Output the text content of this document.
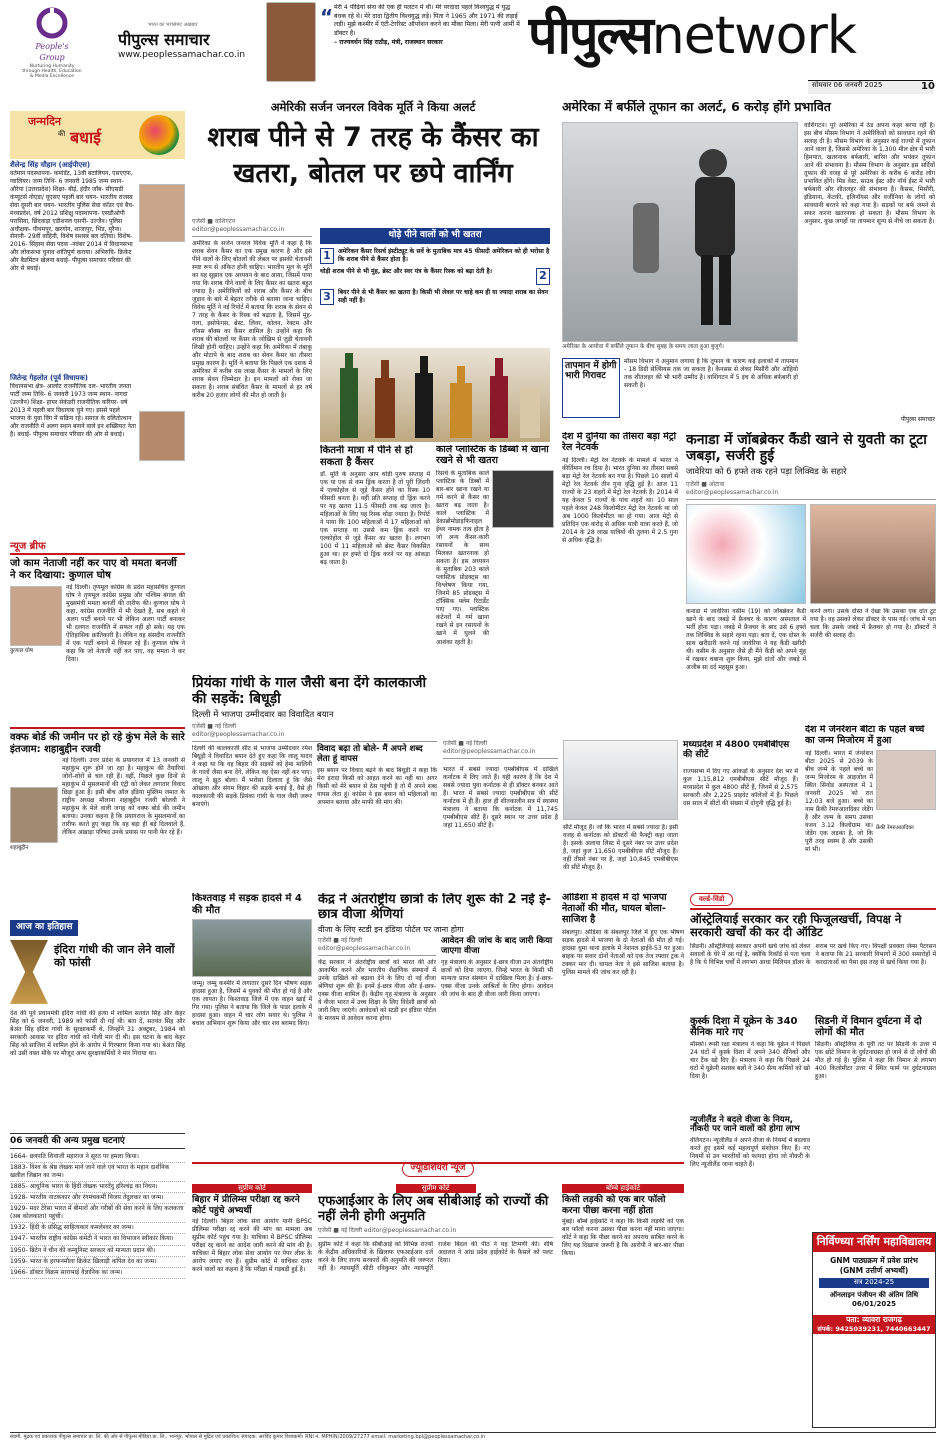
People's Group
Nurturing Humanity through Health, Education & Media Excellence
भारत का भरोसेमंद अख़बार
पीपुल्स समाचार
www.peoplessamachar.co.in
“ मेरी 4 पीढ़ियां सेना की एक ही पलटन में थीं। मेरे परदादा पहले विश्वयुद्ध में युद्ध बंधक रहे थे। मेरे दादा द्वितीय विश्वयुद्ध लड़े। पिता ने 1965 और 1971 की लड़ाई लड़ी। मुझे कश्मीर में एंटी-टेररिस्ट ऑपरेशन करने का मौका मिला। मेरी पत्नी आर्मी में डॉक्टर है।
– राज्यवर्धन सिंह राठौड़, मंत्री, राजस्थान सरकार	पीपुल्सnetwork
सोमवार 06 जनवरी 2025	10
जन्मदिन
की बधाई
शैलेन्द्र सिंह चौहान (आईपीएस)
वर्तमान पदस्थापना- कमांडेंट, 13वीं बटालियन, एसएएफ, ग्वालियर। जन्म तिथि- 6 जनवरी 1985 जन्म स्थान- औरेया (उत्तरप्रदेश) शिक्षा- बीई, इंदौर जॉब- सीएसडी कंप्यूटर्स नोएडा/ यूएसए पहली बार चयन- भारतीय राजस्व सेवा दूसरी बार चयन- भारतीय पुलिस सेवा कॉडर एवं बैच-मध्यप्रदेश, वर्ष 2012 प्रशिक्षु पदस्थापना- एसडीओपी परासिया, छिंदवाड़ा एडीशनल एसपी- उज्जैन। पुलिस अधीक्षक- पीथमपुर, खरगोन, शाजापुर, भिंड, मुरैना। सेनानी- 29वीं वाहिनी, विशेष सशस्त्र बल दतिया। विशेष- 2016- सिंहस्थ सेवा पदक -नवंबर 2014 में विधानसभा और लोकसभा चुनाव शांतिपूर्ण कराया। अभिरुचि- क्रिकेट और बैडमिंटन खेलना बधाई- पीपुल्स समाचार परिवार की ओर से बधाई।
जितेन्द्र गेहलोत (पूर्व विधायक)
विधानसभा क्षेत्र- आलोट राजनीतिक दल- भारतीय जनता पार्टी जन्म तिथि- 6 जनवरी 1973 जन्म स्थान- नागदा (उज्जैन) शिक्षा- हायर सेकंडरी राजनीतिक करियर- वर्ष 2013 में पहली बार विधायक चुने गए। इससे पहले भाजपा के युवा विंग में सक्रिय रहे। समाज के दलितोत्थान और राजनीति में अलग स्थान बनाने वाले इन शख्सियत नेता है। बधाई- पीपुल्स समाचार परिवार की ओर से बधाई।
न्यूज ब्रीफ
जो काम नेताजी नहीं कर पाए वो ममता बनर्जी ने कर दिखाया: कुणाल घोष
कुणाल घोष
नई दिल्ली। तृणमूल कांग्रेस के प्रदेश महासचिव कुणाल घोष ने तृणमूल कांग्रेस प्रमुख और पश्चिम बंगाल की मुख्यमंत्री ममता बनर्जी की तारीफ की। कुणाल घोष ने कहा, कांग्रेस राजनीति में भी देखते हैं, सब कहते थे अलग पार्टी बनाने पर भी लेकिन अलग पार्टी बनाकर भी दलगत राजनीति में सफल नहीं हो सके। यह एक ऐतिहासिक क्रांतिकारी है। लेकिन वह संसदीय राजनीति में एक पार्टी बनाने में विफल रहे हैं। कुणाल घोष ने कहा कि जो नेताजी नहीं कर पाए, वह ममता ने कर दिया।
वक्फ बोर्ड की जमीन पर हो रहे कुंभ मेले के सारे इंतजाम: शहाबुद्दीन रजवी
शहाबुद्दीन
नई दिल्ली। उत्तर प्रदेश के प्रयागराज में 13 जनवरी से महाकुंभ शुरू होने जा रहा है। महाकुंभ की तैयारियां जोरों-शोरों से चल रही हैं। वहीं, पिछले कुछ दिनों से महाकुंभ में मुसलमानों की एंट्री को लेकर लगातार विवाद छिड़ा हुआ है। इसी बीच ऑल इंडिया मुस्लिम जमात के राष्ट्रीय अध्यक्ष मौलाना शहाबुद्दीन रजवी बरेलवी ने महाकुंभ के मेले वाली जगह को वक्फ बोर्ड की जमीन बताया। उनका कहना है कि प्रयागराज के मुसलमानों का तारीफ करते हुए कहा कि यह बड़ा ही बड़े दिलवाले हैं, लेकिन अखाड़ा परिषद उनके प्रयास पर पानी फेर रहे हैं।
आज का इतिहास
इंदिरा गांधी की जान लेने वालों को फांसी
देश की पूर्व प्रधानमंत्री इंदिरा गांधी की हत्या में शामिल सतवंत सिंह और केहर सिंह को 6 जनवरी, 1989 को फांसी दी गई थी। बता दें, सतवंत सिंह और बेअंत सिंह इंदिरा गांधी के सुरक्षाकर्मी थे, जिन्होंने 31 अक्टूबर, 1984 को सरकारी आवास पर इंदिरा गांधी को गोली मार दी थी। इस घटना के बाद केहर सिंह को साजिश में शामिल होने के आरोप में गिरफ्तार किया गया था। बेअंत सिंह को उसी वक्त मौके पर मौजूद अन्य सुरक्षाकर्मियों ने मार गिराया था।
06 जनवरी की अन्य प्रमुख घटनाएं
1664- छत्रपति शिवाजी महाराज ने सूरत पर हमला किया।
1883- विश्व के श्रेष्ठ लेखक माने जाने वाले एवं भारत के महान दार्शनिक खलील जिब्रान का जन्म।
1885- आधुनिक भारत के हिंदी लेखक भारतेंदु हरिश्चंद्र का निधन।
1928- भारतीय नाटककार और रंगमंचकर्मी विजय तेंदुलकर का जन्म।
1929- मदर टेरेसा भारत में बीमारों और गरीबों की सेवा करने के लिए कलकत्ता (अब कोलकाता) पहुंचीं।
1932- हिंदी के प्रसिद्ध साहित्यकार कमलेश्वर का जन्म।
1947- भारतीय राष्ट्रीय कांग्रेस कमेटी ने भारत का विभाजन स्वीकार किया।
1950- ब्रिटेन ने चीन की कम्युनिस्ट सरकार को मान्यता प्रदान की।
1959- भारत के हरफनमौला क्रिकेट खिलाड़ी कपिल देव का जन्म।
1966- डॉक्टर विक्रम साराभाई वैज्ञानिक का जन्म।
अमेरिकी सर्जन जनरल विवेक मूर्ति ने किया अलर्ट
शराब पीने से 7 तरह के कैंसर का खतरा, बोतल पर छपे वार्निंग
एजेंसी ■ वाशिंगटन
editor@peoplessamachar.co.in
अमेरिका के सर्जन जनरल विवेक मूर्ति ने कहा है कि शराब सेवन कैंसर का एक प्रमुख कारण है और इसे पीने वालों के लिए बोतलों की लेबल पर इसकी चेतावनी स्पष्ट रूप से अंकित होनी चाहिए। भारतीय मूल के मूर्ति का यह सुझाव एक अध्ययन के बाद आया, जिसमें पाया गया कि शराब पीने वालों के लिए कैंसर का खतरा बहुत ज्यादा है। अमेरिकियों को शराब और कैंसर के बीच जुड़ाव के बारे में बेहतर तरीके से बताया जाना चाहिए। विवेक मूर्ति ने नई रिपोर्ट में बताया कि शराब के सेवन से 7 तरह के कैंसर के रिस्क को बढ़ाता है, जिसमें मुंह-गला, इसोफेगस, ब्रेस्ट, लिवर, कोलन, रेक्टम और वॉयस बॉक्स का कैंसर शामिल है। उन्होंने कहा कि शराब की बोतलों पर कैंसर के जोखिम से जुड़ी चेतावनी लिखी होनी चाहिए। उन्होंने कहा कि अमेरिका में तंबाकू और मोटापे के बाद शराब का सेवन कैंसर का तीसरा प्रमुख कारण है। मूर्ति ने बताया कि पिछले एक दशक में अमेरिका में करीब दस लाख कैंसर के मामलों के लिए शराब सेवन जिम्मेदार है। इन मामलों को रोका जा सकता है। शराब संबंधित कैंसर के मामलों से हर वर्ष करीब 20 हजार लोगों की मौत हो जाती है।
थोड़े पीने वालों को भी खतरा
1	अमेरिकन कैंसर रिसर्च इंस्टीट्यूट के सर्वे के मुताबिक मात्र 45 फीसदी अमेरिकन को ही भरोसा है कि शराब पीने से कैंसर होता है।
थोड़ी शराब पीने से भी मुंह, ब्रेस्ट और स्वर यंत्र के कैंसर रिस्क को बढ़ा देती है।	2
3	बियर पीने से भी कैंसर का खतरा है। किसी भी लेवल पर चाहे कम ही या ज्यादा शराब का सेवन सही नहीं है।
कितनी मात्रा में पीने से हो सकता है कैंसर
डॉ. मूर्ति के अनुसार आप थोड़ी पुरुष सप्ताह में एक या एक से कम ड्रिंक करता है तो पूरी ज़िंदगी में एल्कोहोल से जुड़े कैंसर होने का रिस्क 10 फीसदी बनता है। वहीं प्रति सप्ताह दो ड्रिंक करने पर यह खतरा 11.5 फीसदी तक बढ़ जाता है। महिलाओं के लिए यह रिस्क थोड़ा ज्यादा है। रिपोर्ट ने पाया कि 100 महिलाओं में 17 महिलाओं को एक सप्ताह या उससे कम ड्रिंक करने पर एल्कोहोल से जुड़े कैंसर का खतरा है। लगभग 100 में 11 महिलाओं को ब्रेस्ट कैंसर विकसित हुआ था। हर हफ्ते दो ड्रिंक करने पर यह आंकड़ा बढ़ जाता है।
काले प्लास्टिक के डिब्बों में खाना रखने से भी खतरा
रिसर्च के मुताबिक काले प्लास्टिक के डिब्बों में बार-बार खाना रखने या गर्म करने से कैंसर का खतरा बढ़ जाता है। काले प्लास्टिक में डेकाब्रोमोडाइफिनाइल ईथर नामक तत्व होता है जो अन्य कैंसर-कारी रसायनों के साथ मिलकर खतरनाक हो सकता है। इस अध्ययन के मुताबिक 203 काले प्लास्टिक प्रोडक्ट्स का विश्लेषण किया गया, जिनमें 85 प्रोडक्ट्स में टॉक्सिक फ्लेम रिटार्डेंट पाए गए। प्लास्टिक कंटेनरों में गर्म खाना रखने से इन रसायनों के खाने में घुलने की आशंका रहती है।
अमेरिका में बर्फीले तूफान का अलर्ट, 6 करोड़ होंगे प्रभावित
अमेरिका के आयोवा में बर्फीले तूफान के बीच सुबह के समय जाता हुआ बुजुर्ग।
वाशिंगटन। पूरे अमेरिका में ठंड अपना कहर बरपा रही है। इस बीच मौसम विभाग ने अमेरिकियों को सावधान रहने की सलाह दी है। मौसम विभाग के अनुसार कई राज्यों में तूफान आने वाला है, जिससे अमेरिका के 1,300 मील क्षेत्र में भारी हिमपात, खतरनाक बर्फबारी, बारिश और भयंकर तूफान आने की संभावना है। मौसम विभाग के अनुसार इस सर्दियों तूफान की वजह से पूरे अमेरिका के करीब 6 करोड़ लोग प्रभावित होंगे। मिड वेस्ट, साउथ ईस्ट और नॉर्थ ईस्ट में भारी बर्फबारी और शीतलहर की संभावना है। कैंसस, मिसौरी, इंडियाना, केंटकी, इलिनॉयस और वर्जीनिया के लोगों को सावधानी बरतने को कहा गया है। सड़कों पर बर्फ जमने से सफर करना खतरनाक हो सकता है। मौसम विभाग के अनुसार, कुछ जगहों पर तापमान शून्य से नीचे जा सकता है।
पीपुल्स समाचार
तापमान में होगी भारी गिरावट
मौसम विभाग ने अनुमान लगाया है कि तूफान के कारण कई इलाकों में तापमान - 18 डिग्री सेल्सियस तक जा सकता है। कैनसस से लेकर मिसौरी और ओहियो तक शीतलहर की भी भारी उम्मीद है। वाशिंगटन में 5 इंच से अधिक बर्फबारी हो सकती है।
देश में दुनिया का तीसरा बड़ा मेट्रो रेल नेटवर्क
नई दिल्ली। मेट्रो रेल नेटवर्क के मामले में भारत ने कीर्तिमान रच दिया है। भारत दुनिया का तीसरा सबसे बड़ा मेट्रो रेल नेटवर्क बन गया है। पिछले 10 सालों में मेट्रो रेल नेटवर्क तीन गुना वृद्धि हुई है। आज 11 राज्यों के 23 शहरों में मेट्रो रेल नेटवर्क है। 2014 में यह केवल 5 राज्यों के पांच शहरों था। 10 साल पहले केवल 248 किलोमीटर मेट्रो रेल नेटवर्क था जो अब 1000 किलोमीटर का हो गया। आज मेट्रो से प्रतिदिन एक करोड़ से अधिक यात्री यात्रा करते हैं, जो 2014 के 28 लाख यात्रियों की तुलना में 2.5 गुना से अधिक वृद्धि है।
कनाडा में जॉबब्रेकर कैंडी खाने से युवती का टूटा जबड़ा, सर्जरी हुई
जावेरिया को 6 हफ्ते तक रहने पड़ा लिक्विड के सहारे
एजेंसी ■ ओटावा
editor@peoplessamachar.co.in
कनाडा में जावेरिया वसीम (19) को जॉबब्रेकर कैंडी खाने के बाद जबड़े में फ्रैक्चर के कारण अस्पताल में भर्ती होना पड़ा। जबड़े में फ्रैक्चर के बाद उसे 6 हफ्ते तक लिक्विड के सहारे रहना पड़ा। बता दें, एक दोस्त के साथ खरीदारी करने गई जावेरिया ने यह कैंडी खरीदी थी। वसीम के अनुसार जैसे ही मैंने कैंडी को अपने मुंह में रखकर चबाना शुरू किया, मुझे दांतों और जबड़े में अजीब सा दर्द महसूस हुआ।
करने लगा। उसके दोस्त ने देखा कि उसका एक दांत टूट गया है। वह उसको लेकर डॉक्टर के पास गई। जांच में पता चला कि उसके जबड़े में फ्रैक्चर हो गया है। डॉक्टरों ने सर्जरी की सलाह दी।
प्रियंका गांधी के गाल जैसी बना देंगे कालकाजी की सड़कें: बिधूड़ी
दिल्ली में भाजपा उम्मीदवार का विवादित बयान
एजेंसी ■ नई दिल्ली
editor@peoplessamachar.co.in
दिल्ली की कालकाजी सीट से भाजपा उम्मीदवार रमेश बिधूड़ी ने विवादित बयान देते हुए कहा कि लालू यादव ने कहा था कि वह बिहार की सड़कों को हेमा मालिनी के गालों जैसा बना देंगे, लेकिन वह ऐसा नहीं कर पाए। लालू ने झूठ बोला। मैं भरोसा दिलाता हूं कि जैसे ओखला और संगम विहार की सड़कें बनाई हैं, वैसे ही कालकाजी की सड़कें प्रियंका गांधी के गाल जैसी जरूर बनाएंगे।
विवाद बढ़ा तो बोले- मैं अपने शब्द लेता हूं वापस
इस बयान पर विवाद बढ़ने के बाद बिधूड़ी ने कहा कि मेरा इरादा किसी को आहत करने का नहीं था। अगर किसी को मेरे बयान से ठेस पहुंची है तो मैं अपने शब्द वापस लेता हूं। कांग्रेस ने इस बयान को महिलाओं का अपमान बताया और माफी की मांग की।
एजेंसी ■ नई दिल्ली
editor@peoplessamachar.co.in
भारत में सबसे ज्यादा एमबीबीएस में दाखिले कर्नाटक में लिए जाते हैं। यही कारण है कि देश में सबसे ज्यादा युवा कर्नाटक से ही डॉक्टर बनकर आते हैं। भारत में सबसे ज्यादा एमबीबीएस की सीटें कर्नाटक में ही हैं। हाल ही शीतकालीन सत्र में स्वास्थ्य मंत्रालय ने बताया कि कर्नाटक में 11,745 एमबीबीएस सीटें हैं। दूसरे स्थान पर उत्तर प्रदेश है जहां 11,650 सीटें हैं।	सीटें मौजूद हैं। जो कि भारत में सबसे ज्यादा है। इसी वजह से कर्नाटक को डॉक्टरों की फैक्ट्री कहा जाता है। इसके अलावा लिस्ट में दूसरे नंबर पर उत्तर प्रदेश है, जहां कुल 11,650 एमबीबीएस सीटें मौजूद हैं। वहीं तीसरे नंबर पर है, जहां 10,845 एमबीबीएस की सीटें मौजूद हैं।
मध्यप्रदेश में 4800 एमबीबीएस की सीटें
राज्यसभा में दिए गए आंकड़ों के अनुसार देश भर में कुल 1,15,812 एमबीबीएस सीटें मौजूद हैं। मध्यप्रदेश में कुल 4800 सीटें हैं, जिनमें से 2,575 सरकारी और 2,225 प्राइवेट कॉलेजों में हैं। पिछले दस साल में सीटों की संख्या में दोगुनी वृद्धि हुई है।
देश में जेनरेशन बीटा के पहले बच्चे का जन्म मिजोरम में हुआ
नई दिल्ली। भारत में जेनरेशन बीटा 2025 से 2039 के बीच जन्मे के पहले बच्चे का जन्म मिजोरम के आइजोल में स्थित सिनोड अस्पताल में 1 जनवरी 2025 को रात 12:03 बजे हुआ। बच्चे का नाम फ्रैंकी रेमरुआतदिका जेडेंग है और जन्म के समय उसका वजन 3.12 किलोग्राम था। जेडेंग एक लड़का है, जो कि पूरी तरह स्वस्थ है और उसकी मां भी।
फ्रेंकी रेमरुआतदिका
किश्तवाड़ में सड़क हादसे में 4 की मौत
जम्मू। जम्मू कश्मीर में लगातार दूसरे दिन भीषण सड़क हादसा हुआ है, जिसमें 4 युवकों की मौत हो गई है और एक लापता है। किश्तवाड़ जिले में एक वाहन खाई में गिर गया। पुलिस ने बताया कि जिले के पाडर इलाके में हादसा हुआ। वाहन में चार लोग सवार थे। पुलिस ने बचाव अभियान शुरू किया और चार शव बरामद किए।
केंद्र ने अंतर्राष्ट्रीय छात्रों के लिए शुरू की 2 नई ई-छात्र वीजा श्रेणियां
वीजा के लिए स्टडी इन इंडिया पोर्टल पर जाना होगा
एजेंसी ■ नई दिल्ली
editor@peoplessamachar.co.in
केंद्र सरकार ने अंतर्राष्ट्रीय छात्रों को भारत की ओर आकर्षित करने और भारतीय शैक्षणिक संस्थानों में उनके दाखिले को बढ़ावा देने के लिए दो नई वीजा श्रेणियां शुरू की हैं। इनमें ई-छात्र वीजा और ई-छात्र-एक्स वीजा शामिल हैं। केंद्रीय गृह मंत्रालय के अनुसार ये वीजा भारत में उच्च शिक्षा के लिए विदेशी छात्रों को जारी किए जाएंगे। आवेदकों को स्टडी इन इंडिया पोर्टल के माध्यम से आवेदन करना होगा।
आवेदन की जांच के बाद जारी किया जाएगा वीजा
गृह मंत्रालय के अनुसार ई-छात्र वीजा उन अंतर्राष्ट्रीय छात्रों को दिया जाएगा, जिन्हें भारत के किसी भी मान्यता प्राप्त संस्थान में दाखिला मिला है। ई-छात्र-एक्स वीजा उनके आश्रितों के लिए होगा। आवेदन की जांच के बाद ही वीजा जारी किया जाएगा।
ओडिशा में हादसे में दो भाजपा नेताओं की मौत, घायल बोला- साजिश है
संबलपुर। ओडिशा के संबलपुर जिले में हुए एक भीषण सड़क हादसे में भाजपा के दो नेताओं की मौत हो गई। हादसा धुमा थाना इलाके में नेशनल हाईवे-53 पर हुआ। बाइक पर सवार दोनों नेताओं को एक तेज रफ्तार ट्रक ने टक्कर मार दी। घायल नेता ने इसे साजिश बताया है। पुलिस मामले की जांच कर रही है।
वर्ल्ड-विंडो
ऑस्ट्रेलियाई सरकार कर रही फिजूलखर्ची, विपक्ष ने सरकारी खर्चों की कर दी ऑडिट
सिडनी। ऑस्ट्रेलियाई सरकार अपनी खर्च जांच को लेकर सवालों के घेरे में आ गई है, क्योंकि रिकॉर्ड से पता चला है कि ये विभिन्न चर्चों में लगभग आधा मिलियन डॉलर के शराब पर खर्च किए गए। विपक्षी प्रवक्ता जेम्स पैटरसन ने बताया कि 21 सरकारी विभागों में 300 समारोहों में करदाताओं का पैसा इस तरह से खर्च किया गया है।
कुर्स्क दिशा में यूक्रेन के 340 सैनिक मारे गए
मॉस्को। रूसी रक्षा मंत्रालय ने कहा कि यूक्रेन ने पिछले 24 घंटों में कुर्स्क दिशा में अपने 340 सैनिकों और चार टैंक खो दिए हैं। मंत्रालय ने कहा कि पिछले 24 घंटों में यूक्रेनी सशस्त्र बलों ने 340 सैन्य कर्मियों को खो दिया है।
न्यूजीलैंड ने बदले वीजा के नियम, नौकरी पर जाने वालों को होगा लाभ
वेलिंगटन। न्यूजीलैंड ने अपने वीजा के नियमों में बदलाव करते हुए इसमें कई महत्वपूर्ण संशोधन किए हैं। नए नियमों से उन भारतीयों को फायदा होगा जो नौकरी के लिए न्यूजीलैंड जाना चाहते हैं।
सिडनी में विमान दुर्घटना में दो लोगों की मौत
सिडनी। ऑस्ट्रेलिया के पूर्वी तट पर सिडनी के उत्तर में एक छोटे विमान के दुर्घटनाग्रस्त हो जाने से दो लोगों की मौत हो गई है। पुलिस ने कहा कि विमान से लगभग 400 किलोमीटर उत्तर में स्थित फार्म पर दुर्घटनाग्रस्त हुआ।
ज्यूडिशियरी न्यूज
सुप्रीम कोर्ट
बिहार में प्रीलिम्स परीक्षा रद्द करने कोर्ट पहुंचे अभ्यर्थी
नई दिल्ली। बिहार लोक सेवा आयोग यानी BPSC प्रीलिम्स परीक्षा रद्द करने की मांग का मामला अब सुप्रीम कोर्ट पहुंच गया है। याचिका में BPSC प्रीलिम्स परीक्षा रद्द करने का आदेश जारी करने की मांग की है। याचिका में बिहार लोक सेवा आयोग पर पेपर लीक के आरोप लगाए गए हैं। सुप्रीम कोर्ट में याचिका दायर करने वालों का कहना है कि परीक्षा में गड़बड़ी हुई है।
सुप्रीम कोर्ट
एफआईआर के लिए अब सीबीआई को राज्यों की नहीं लेनी होगी अनुमति
एजेंसी ■ नई दिल्ली editor@peoplessamachar.co.in
सुप्रीम कोर्ट ने कहा कि सीबीआई को विभिन्न राज्यों के केंद्रीय अधिकारियों के खिलाफ एफआईआर दर्ज करने के लिए राज्य सरकारों की अनुमति की जरूरत नहीं है। न्यायमूर्ति सीटी रविकुमार और न्यायमूर्ति राजेश बिंदल की पीठ ने यह टिप्पणी की। शीर्ष अदालत ने आंध्र प्रदेश हाईकोर्ट के फैसले को पलट दिया।
बॉम्बे हाईकोर्ट
किसी लड़की को एक बार फॉलो करना पीछा करना नहीं होता
मुंबई। बॉम्बे हाईकोर्ट ने कहा कि किसी लड़की को एक बार फॉलो करना उसका पीछा करना नहीं माना जाएगा। कोर्ट ने कहा कि पीछा करने का अपराध साबित करने के लिए यह दिखाना जरूरी है कि आरोपी ने बार-बार पीछा किया।
निर्विण्ध्या नर्सिंग महाविद्यालय
GNM पाठ्यक्रम में प्रवेश प्रारंभ
(GNM उत्तीर्ण अभ्यर्थी)
सत्र 2024-25
ऑनलाइन पंजीयन की अंतिम तिथि 06/01/2025
पता: व्यावरा राजगढ़
संपर्क: 9425039231, 7440663447
स्वामी, मुद्रक एवं प्रकाशक पीपुल्स समाचार प्रा. लि. की ओर से पीपुल्स मीडिया प्रा. लि., भानपुर, भोपाल से मुद्रित एवं प्रकाशित। संपादक: अरविंद कुमार विश्वकर्मा। RNI नं. MPHIN/2009/27277 email: marketing.bpl@peoplessamachar.co.in
